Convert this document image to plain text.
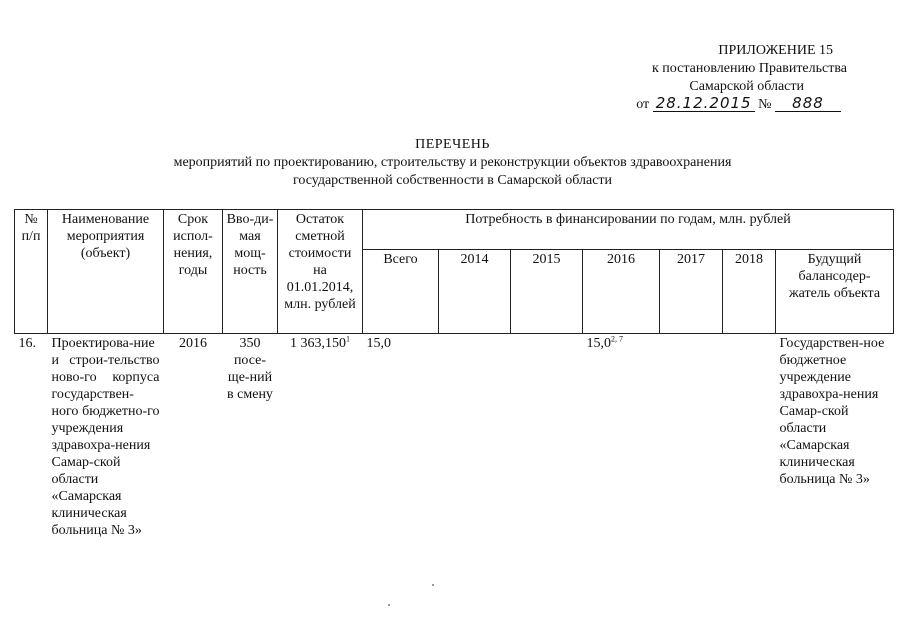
ПРИЛОЖЕНИЕ 15
к постановлению Правительства
Самарской области
от 28.12.2015 № 888
ПЕРЕЧЕНЬ
мероприятий по проектированию, строительству и реконструкции объектов здравоохранения
государственной собственности в Самарской области
№ п/п	Наименование мероприятия (объект)	Срок испол-нения, годы	Вво-ди-мая мощ-ность	Остаток сметной стоимости на 01.01.2014, млн. рублей	Потребность в финансировании по годам, млн. рублей						
					Всего	2014	2015	2016	2017	2018	Будущий балансодер-жатель объекта
16.	Проектирова-ние и строи-тельство ново-го корпуса государствен-ного бюджетно-го учреждения здравохра-нения Самар-ской области «Самарская клиническая больница № 3»	2016	350 посе-ще-ний в смену	1 363,150$^1$	15,0			15,0$^{2, 7}$			Государствен-ное бюджетное учреждение здравохра-нения Самар-ской области «Самарская клиническая больница № 3»
